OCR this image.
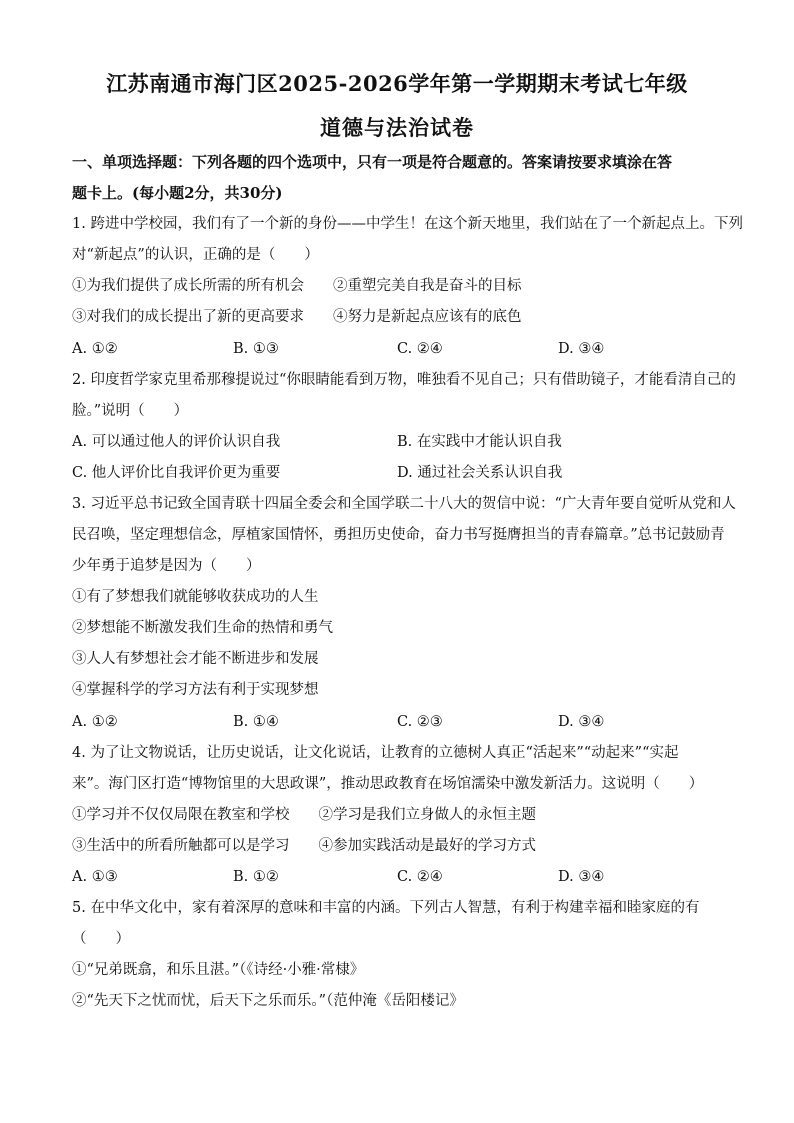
江苏南通市海门区2025-2026学年第一学期期末考试七年级
道德与法治试卷
一、单项选择题：下列各题的四个选项中，只有一项是符合题意的。答案请按要求填涂在答
题卡上。(每小题2分，共30分)
1. 跨进中学校园，我们有了一个新的身份——中学生！在这个新天地里，我们站在了一个新起点上。下列
对“新起点”的认识，正确的是（　　）
①为我们提供了成长所需的所有机会　　②重塑完美自我是奋斗的目标
③对我们的成长提出了新的更高要求　　④努力是新起点应该有的底色
A. ①②	B. ①③	C. ②④	D. ③④
2. 印度哲学家克里希那穆提说过“你眼睛能看到万物，唯独看不见自己；只有借助镜子，才能看清自己的
脸。”说明（　　）
A. 可以通过他人的评价认识自我	B. 在实践中才能认识自我
C. 他人评价比自我评价更为重要	D. 通过社会关系认识自我
3. 习近平总书记致全国青联十四届全委会和全国学联二十八大的贺信中说：“广大青年要自觉听从党和人
民召唤，坚定理想信念，厚植家国情怀，勇担历史使命，奋力书写挺膺担当的青春篇章。”总书记鼓励青
少年勇于追梦是因为（　　）
①有了梦想我们就能够收获成功的人生
②梦想能不断激发我们生命的热情和勇气
③人人有梦想社会才能不断进步和发展
④掌握科学的学习方法有利于实现梦想
A. ①②	B. ①④	C. ②③	D. ③④
4. 为了让文物说话，让历史说话，让文化说话，让教育的立德树人真正“活起来”“动起来”“实起
来”。海门区打造“博物馆里的大思政课”，推动思政教育在场馆濡染中激发新活力。这说明（　　）
①学习并不仅仅局限在教室和学校　　②学习是我们立身做人的永恒主题
③生活中的所看所触都可以是学习　　④参加实践活动是最好的学习方式
A. ①③	B. ①②	C. ②④	D. ③④
5. 在中华文化中，家有着深厚的意味和丰富的内涵。下列古人智慧，有利于构建幸福和睦家庭的有
（　　）
①“兄弟既翕，和乐且湛。”（《诗经·小雅·常棣》
②“先天下之忧而忧，后天下之乐而乐。”（范仲淹《岳阳楼记》
